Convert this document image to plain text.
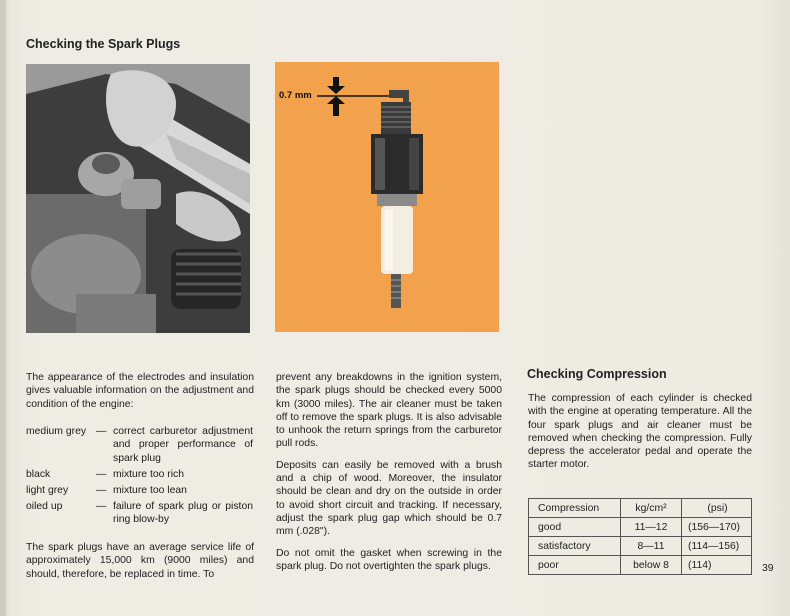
Checking the Spark Plugs
0.7 mm

The appearance of the electrodes and insulation gives valuable information on the adjustment and condition of the engine:

medium grey — correct carburetor adjustment and proper performance of spark plug
black	— mixture too rich
light grey	— mixture too lean
oiled up	— failure of spark plug or piston ring blow-by

The spark plugs have an average service life of approximately 15,000 km (9000 miles) and should, therefore, be replaced in time. To

prevent any breakdowns in the ignition system, the spark plugs should be checked every 5000 km (3000 miles). The air cleaner must be taken off to remove the spark plugs. It is also advisable to unhook the return springs from the carburetor pull rods.

Deposits can easily be removed with a brush and a chip of wood. Moreover, the insulator should be clean and dry on the outside in order to avoid short circuit and tracking. If necessary, adjust the spark plug gap which should be 0.7 mm (.028").

Do not omit the gasket when screwing in the spark plug. Do not overtighten the spark plugs.

Checking Compression

The compression of each cylinder is checked with the engine at operating temperature. All the four spark plugs and air cleaner must be removed when checking the compression. Fully depress the accelerator pedal and operate the starter motor.

Compression	kg/cm²	(psi)
good	11—12	(156—170)
satisfactory	8—11	(114—156)
poor	below 8	(114)	39
